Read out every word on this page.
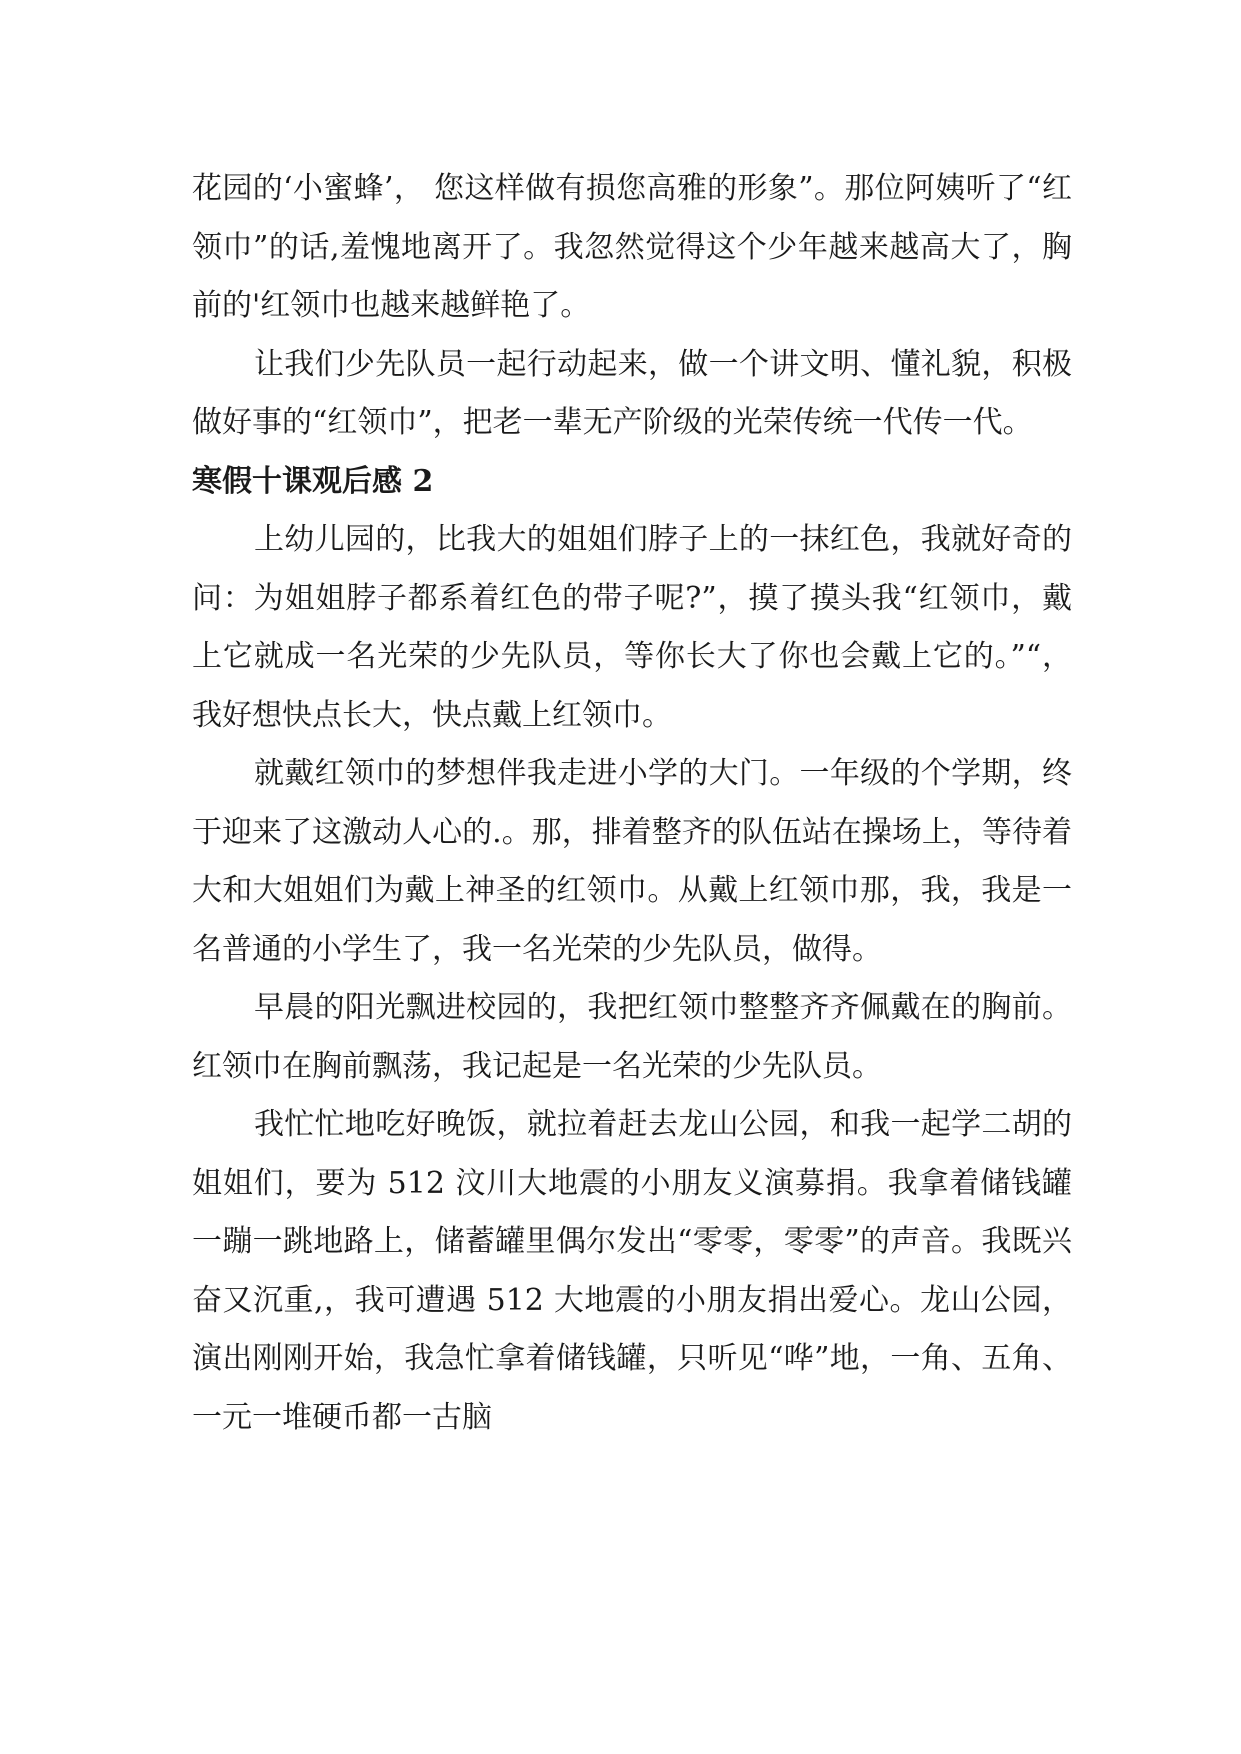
花园的‘小蜜蜂’， 您这样做有损您高雅的形象”。那位阿姨听了“红领巾”的话,羞愧地离开了。我忽然觉得这个少年越来越高大了，胸前的'红领巾也越来越鲜艳了。

让我们少先队员一起行动起来，做一个讲文明、懂礼貌，积极做好事的“红领巾”，把老一辈无产阶级的光荣传统一代传一代。

寒假十课观后感 2

上幼儿园的，比我大的姐姐们脖子上的一抹红色，我就好奇的问：为姐姐脖子都系着红色的带子呢?”，摸了摸头我“红领巾，戴上它就成一名光荣的少先队员，等你长大了你也会戴上它的。”“，我好想快点长大，快点戴上红领巾。

就戴红领巾的梦想伴我走进小学的大门。一年级的个学期，终于迎来了这激动人心的.。那，排着整齐的队伍站在操场上，等待着大和大姐姐们为戴上神圣的红领巾。从戴上红领巾那，我，我是一名普通的小学生了，我一名光荣的少先队员，做得。

早晨的阳光飘进校园的，我把红领巾整整齐齐佩戴在的胸前。红领巾在胸前飘荡，我记起是一名光荣的少先队员。

我忙忙地吃好晚饭，就拉着赶去龙山公园，和我一起学二胡的姐姐们，要为 512 汶川大地震的小朋友义演募捐。我拿着储钱罐一蹦一跳地路上，储蓄罐里偶尔发出“零零，零零”的声音。我既兴奋又沉重,，我可遭遇 512 大地震的小朋友捐出爱心。龙山公园，演出刚刚开始，我急忙拿着储钱罐，只听见“哗”地，一角、五角、一元一堆硬币都一古脑
